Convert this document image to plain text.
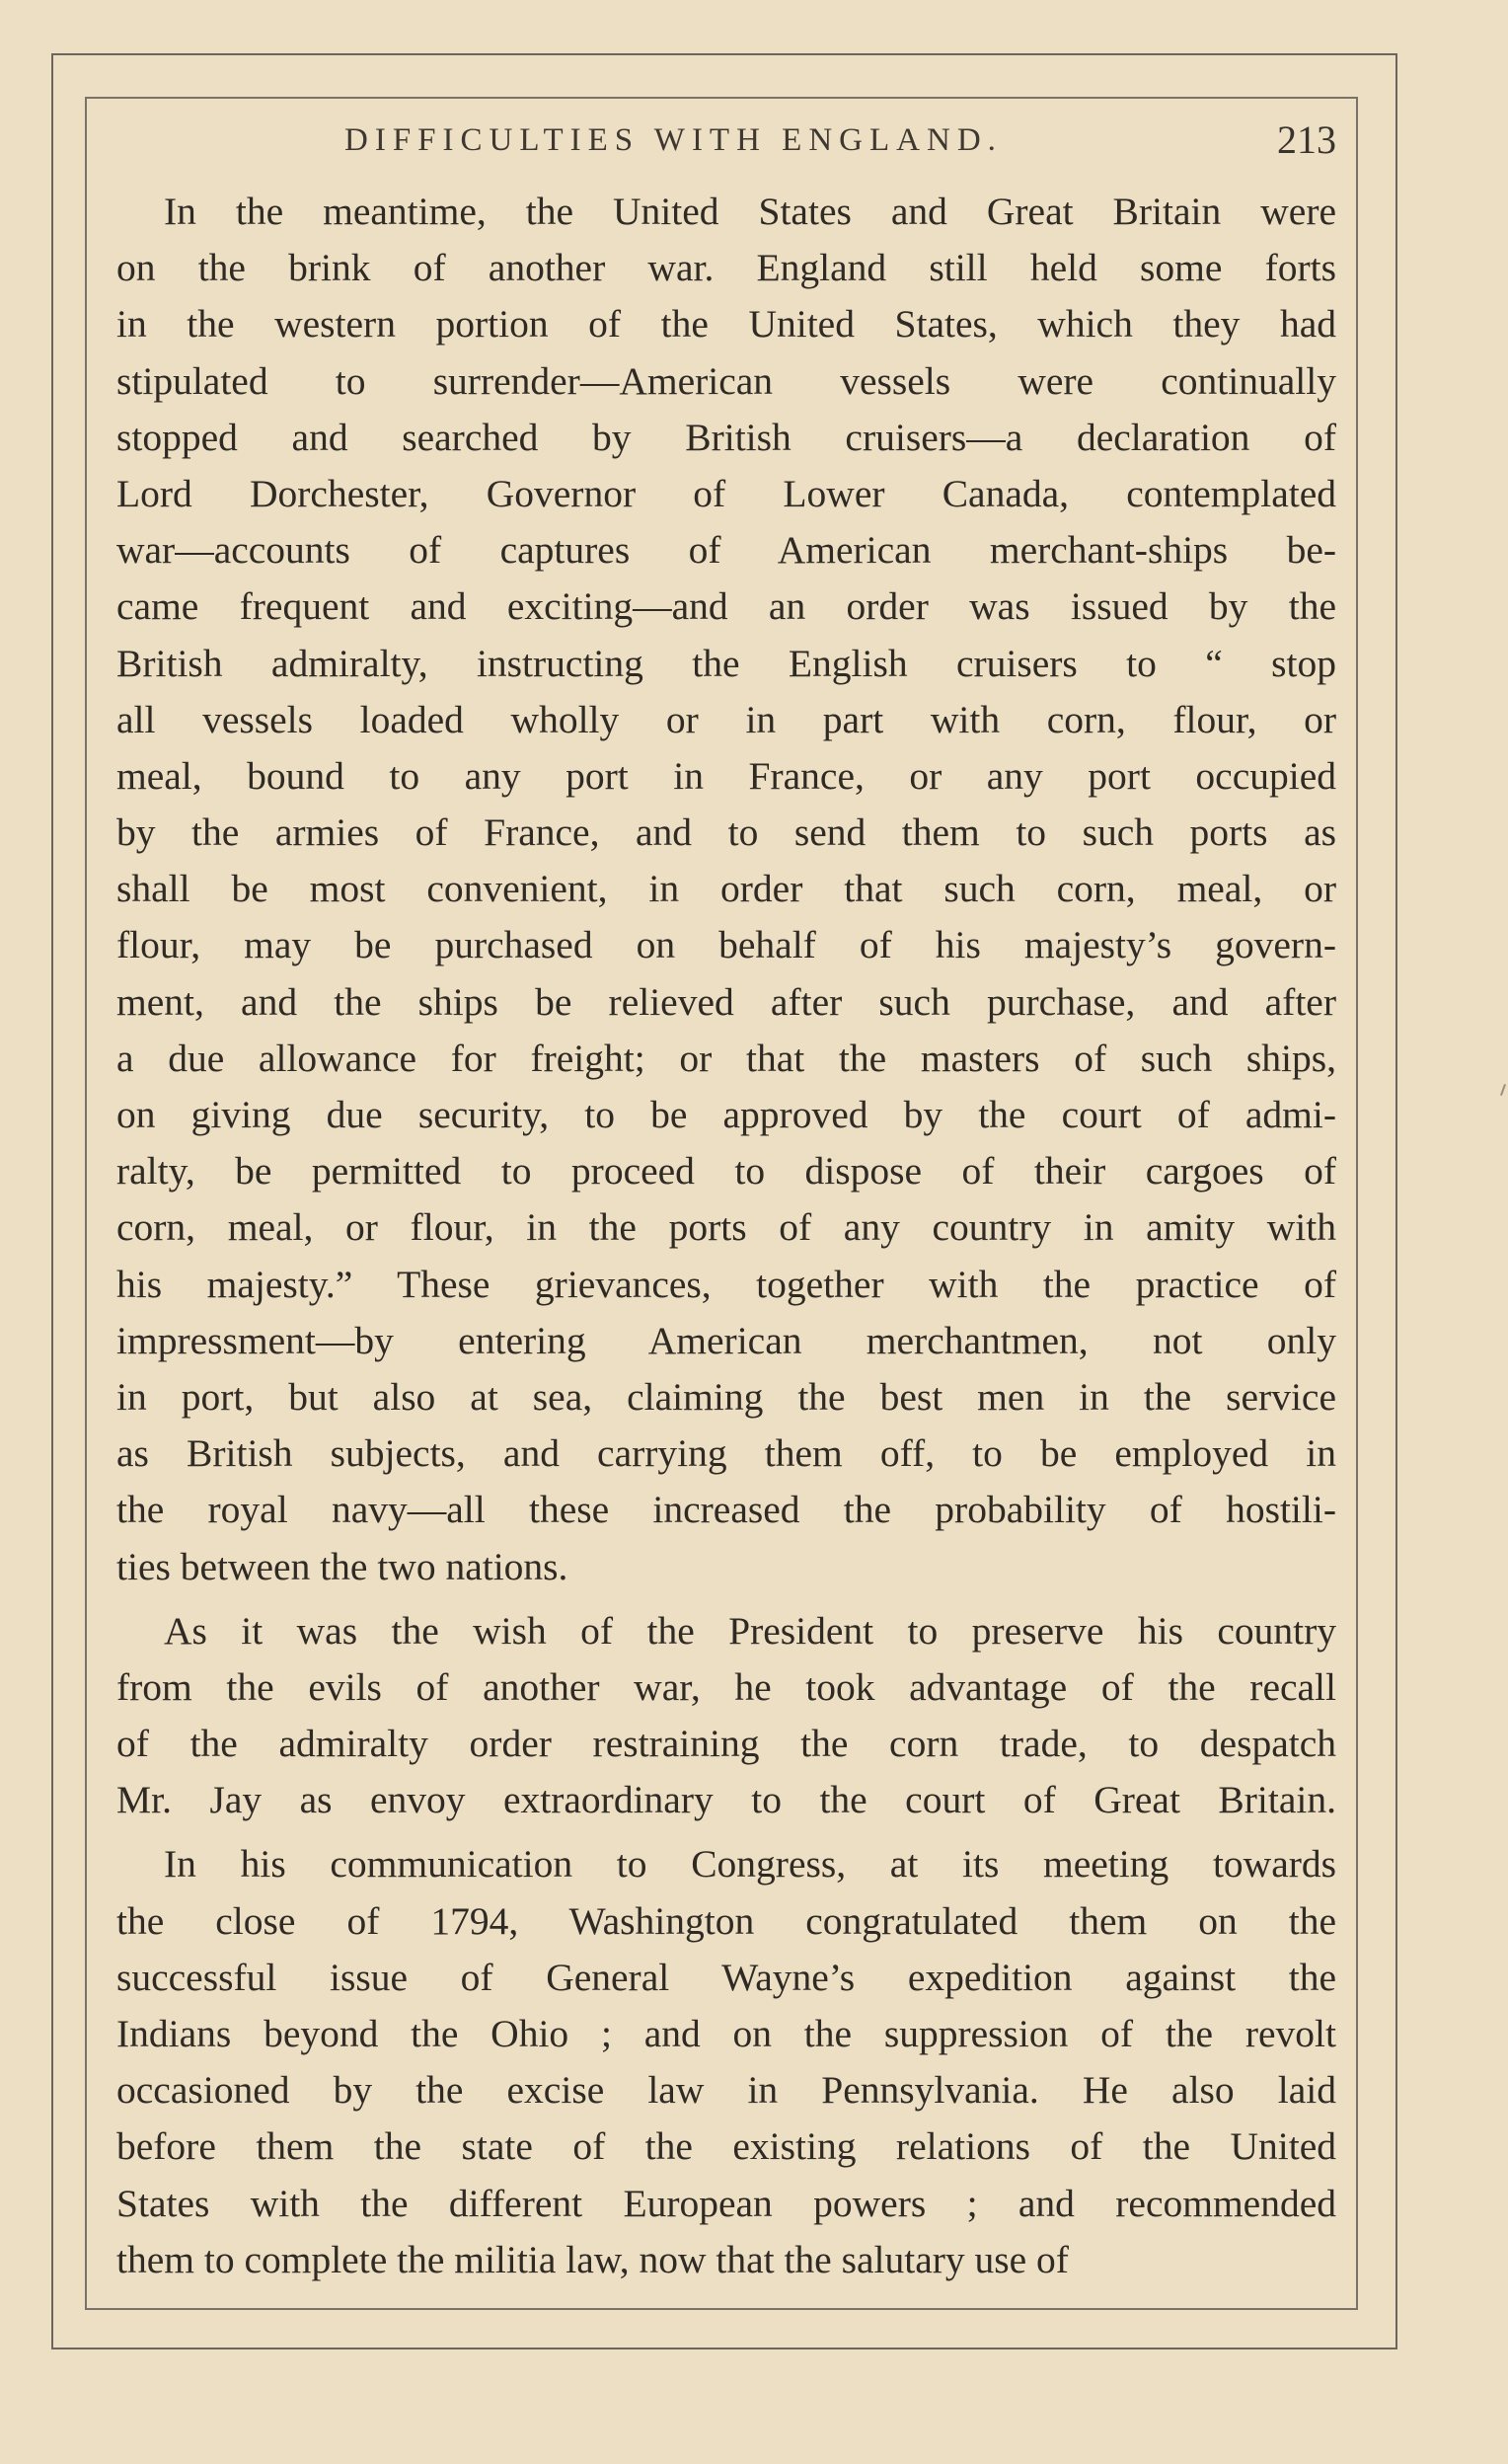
DIFFICULTIES WITH ENGLAND.	213
In the meantime, the United States and Great Britain were
on the brink of another war. England still held some forts
in the western portion of the United States, which they had
stipulated to surrender—American vessels were continually
stopped and searched by British cruisers—a declaration of
Lord Dorchester, Governor of Lower Canada, contemplated
war—accounts of captures of American merchant-ships be-
came frequent and exciting—and an order was issued by the
British admiralty, instructing the English cruisers to “ stop
all vessels loaded wholly or in part with corn, flour, or
meal, bound to any port in France, or any port occupied
by the armies of France, and to send them to such ports as
shall be most convenient, in order that such corn, meal, or
flour, may be purchased on behalf of his majesty’s govern-
ment, and the ships be relieved after such purchase, and after
a due allowance for freight; or that the masters of such ships,
on giving due security, to be approved by the court of admi-
ralty, be permitted to proceed to dispose of their cargoes of
corn, meal, or flour, in the ports of any country in amity with
his majesty.” These grievances, together with the practice of
impressment—by entering American merchantmen, not only
in port, but also at sea, claiming the best men in the service
as British subjects, and carrying them off, to be employed in
the royal navy—all these increased the probability of hostili-
ties between the two nations.
As it was the wish of the President to preserve his country
from the evils of another war, he took advantage of the recall
of the admiralty order restraining the corn trade, to despatch
Mr. Jay as envoy extraordinary to the court of Great Britain.
In his communication to Congress, at its meeting towards
the close of 1794, Washington congratulated them on the
successful issue of General Wayne’s expedition against the
Indians beyond the Ohio ; and on the suppression of the revolt
occasioned by the excise law in Pennsylvania. He also laid
before them the state of the existing relations of the United
States with the different European powers ; and recommended
them to complete the militia law, now that the salutary use of
